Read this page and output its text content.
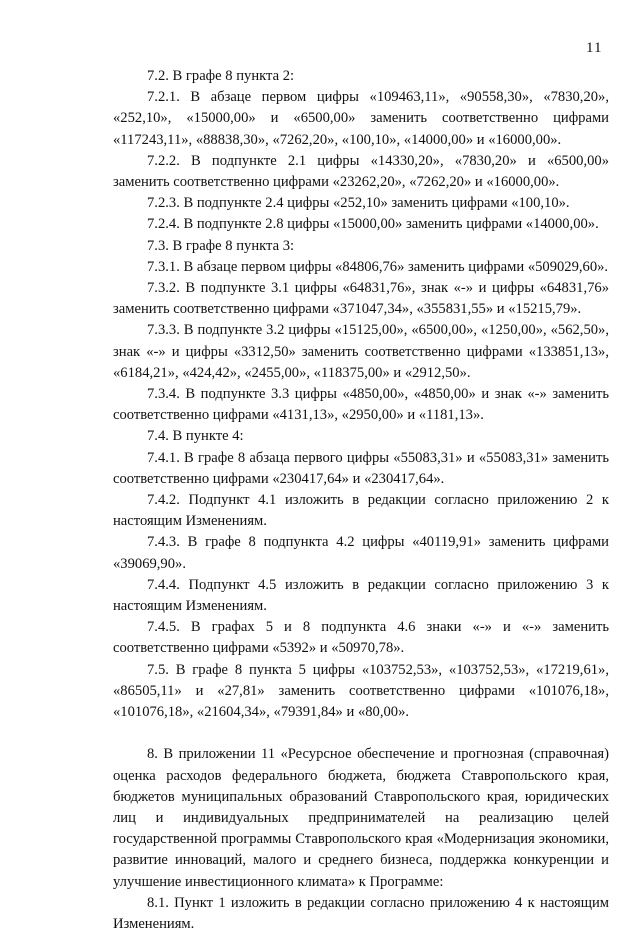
11

7.2. В графе 8 пункта 2:

7.2.1. В абзаце первом цифры «109463,11», «90558,30», «7830,20», «252,10», «15000,00» и «6500,00» заменить соответственно цифрами «117243,11», «88838,30», «7262,20», «100,10», «14000,00» и «16000,00».

7.2.2. В подпункте 2.1 цифры «14330,20», «7830,20» и «6500,00» заменить соответственно цифрами «23262,20», «7262,20» и «16000,00».

7.2.3. В подпункте 2.4 цифры «252,10» заменить цифрами «100,10».

7.2.4. В подпункте 2.8 цифры «15000,00» заменить цифрами «14000,00».

7.3. В графе 8 пункта 3:

7.3.1. В абзаце первом цифры «84806,76» заменить цифрами «509029,60».

7.3.2. В подпункте 3.1 цифры «64831,76», знак «-» и цифры «64831,76» заменить соответственно цифрами «371047,34», «355831,55» и «15215,79».

7.3.3. В подпункте 3.2 цифры «15125,00», «6500,00», «1250,00», «562,50», знак «-» и цифры «3312,50» заменить соответственно цифрами «133851,13», «6184,21», «424,42», «2455,00», «118375,00» и «2912,50».

7.3.4. В подпункте 3.3 цифры «4850,00», «4850,00» и знак «-» заменить соответственно цифрами «4131,13», «2950,00» и «1181,13».

7.4. В пункте 4:

7.4.1. В графе 8 абзаца первого цифры «55083,31» и «55083,31» заменить соответственно цифрами «230417,64» и «230417,64».

7.4.2. Подпункт 4.1 изложить в редакции согласно приложению 2 к настоящим Изменениям.

7.4.3. В графе 8 подпункта 4.2 цифры «40119,91» заменить цифрами «39069,90».

7.4.4. Подпункт 4.5 изложить в редакции согласно приложению 3 к настоящим Изменениям.

7.4.5. В графах 5 и 8 подпункта 4.6 знаки «-» и «-» заменить соответственно цифрами «5392» и «50970,78».

7.5. В графе 8 пункта 5 цифры «103752,53», «103752,53», «17219,61», «86505,11» и «27,81» заменить соответственно цифрами «101076,18», «101076,18», «21604,34», «79391,84» и «80,00».

8. В приложении 11 «Ресурсное обеспечение и прогнозная (справочная) оценка расходов федерального бюджета, бюджета Ставропольского края, бюджетов муниципальных образований Ставропольского края, юридических лиц и индивидуальных предпринимателей на реализацию целей государственной программы Ставропольского края «Модернизация экономики, развитие инноваций, малого и среднего бизнеса, поддержка конкуренции и улучшение инвестиционного климата» к Программе:

8.1. Пункт 1 изложить в редакции согласно приложению 4 к настоящим Изменениям.
